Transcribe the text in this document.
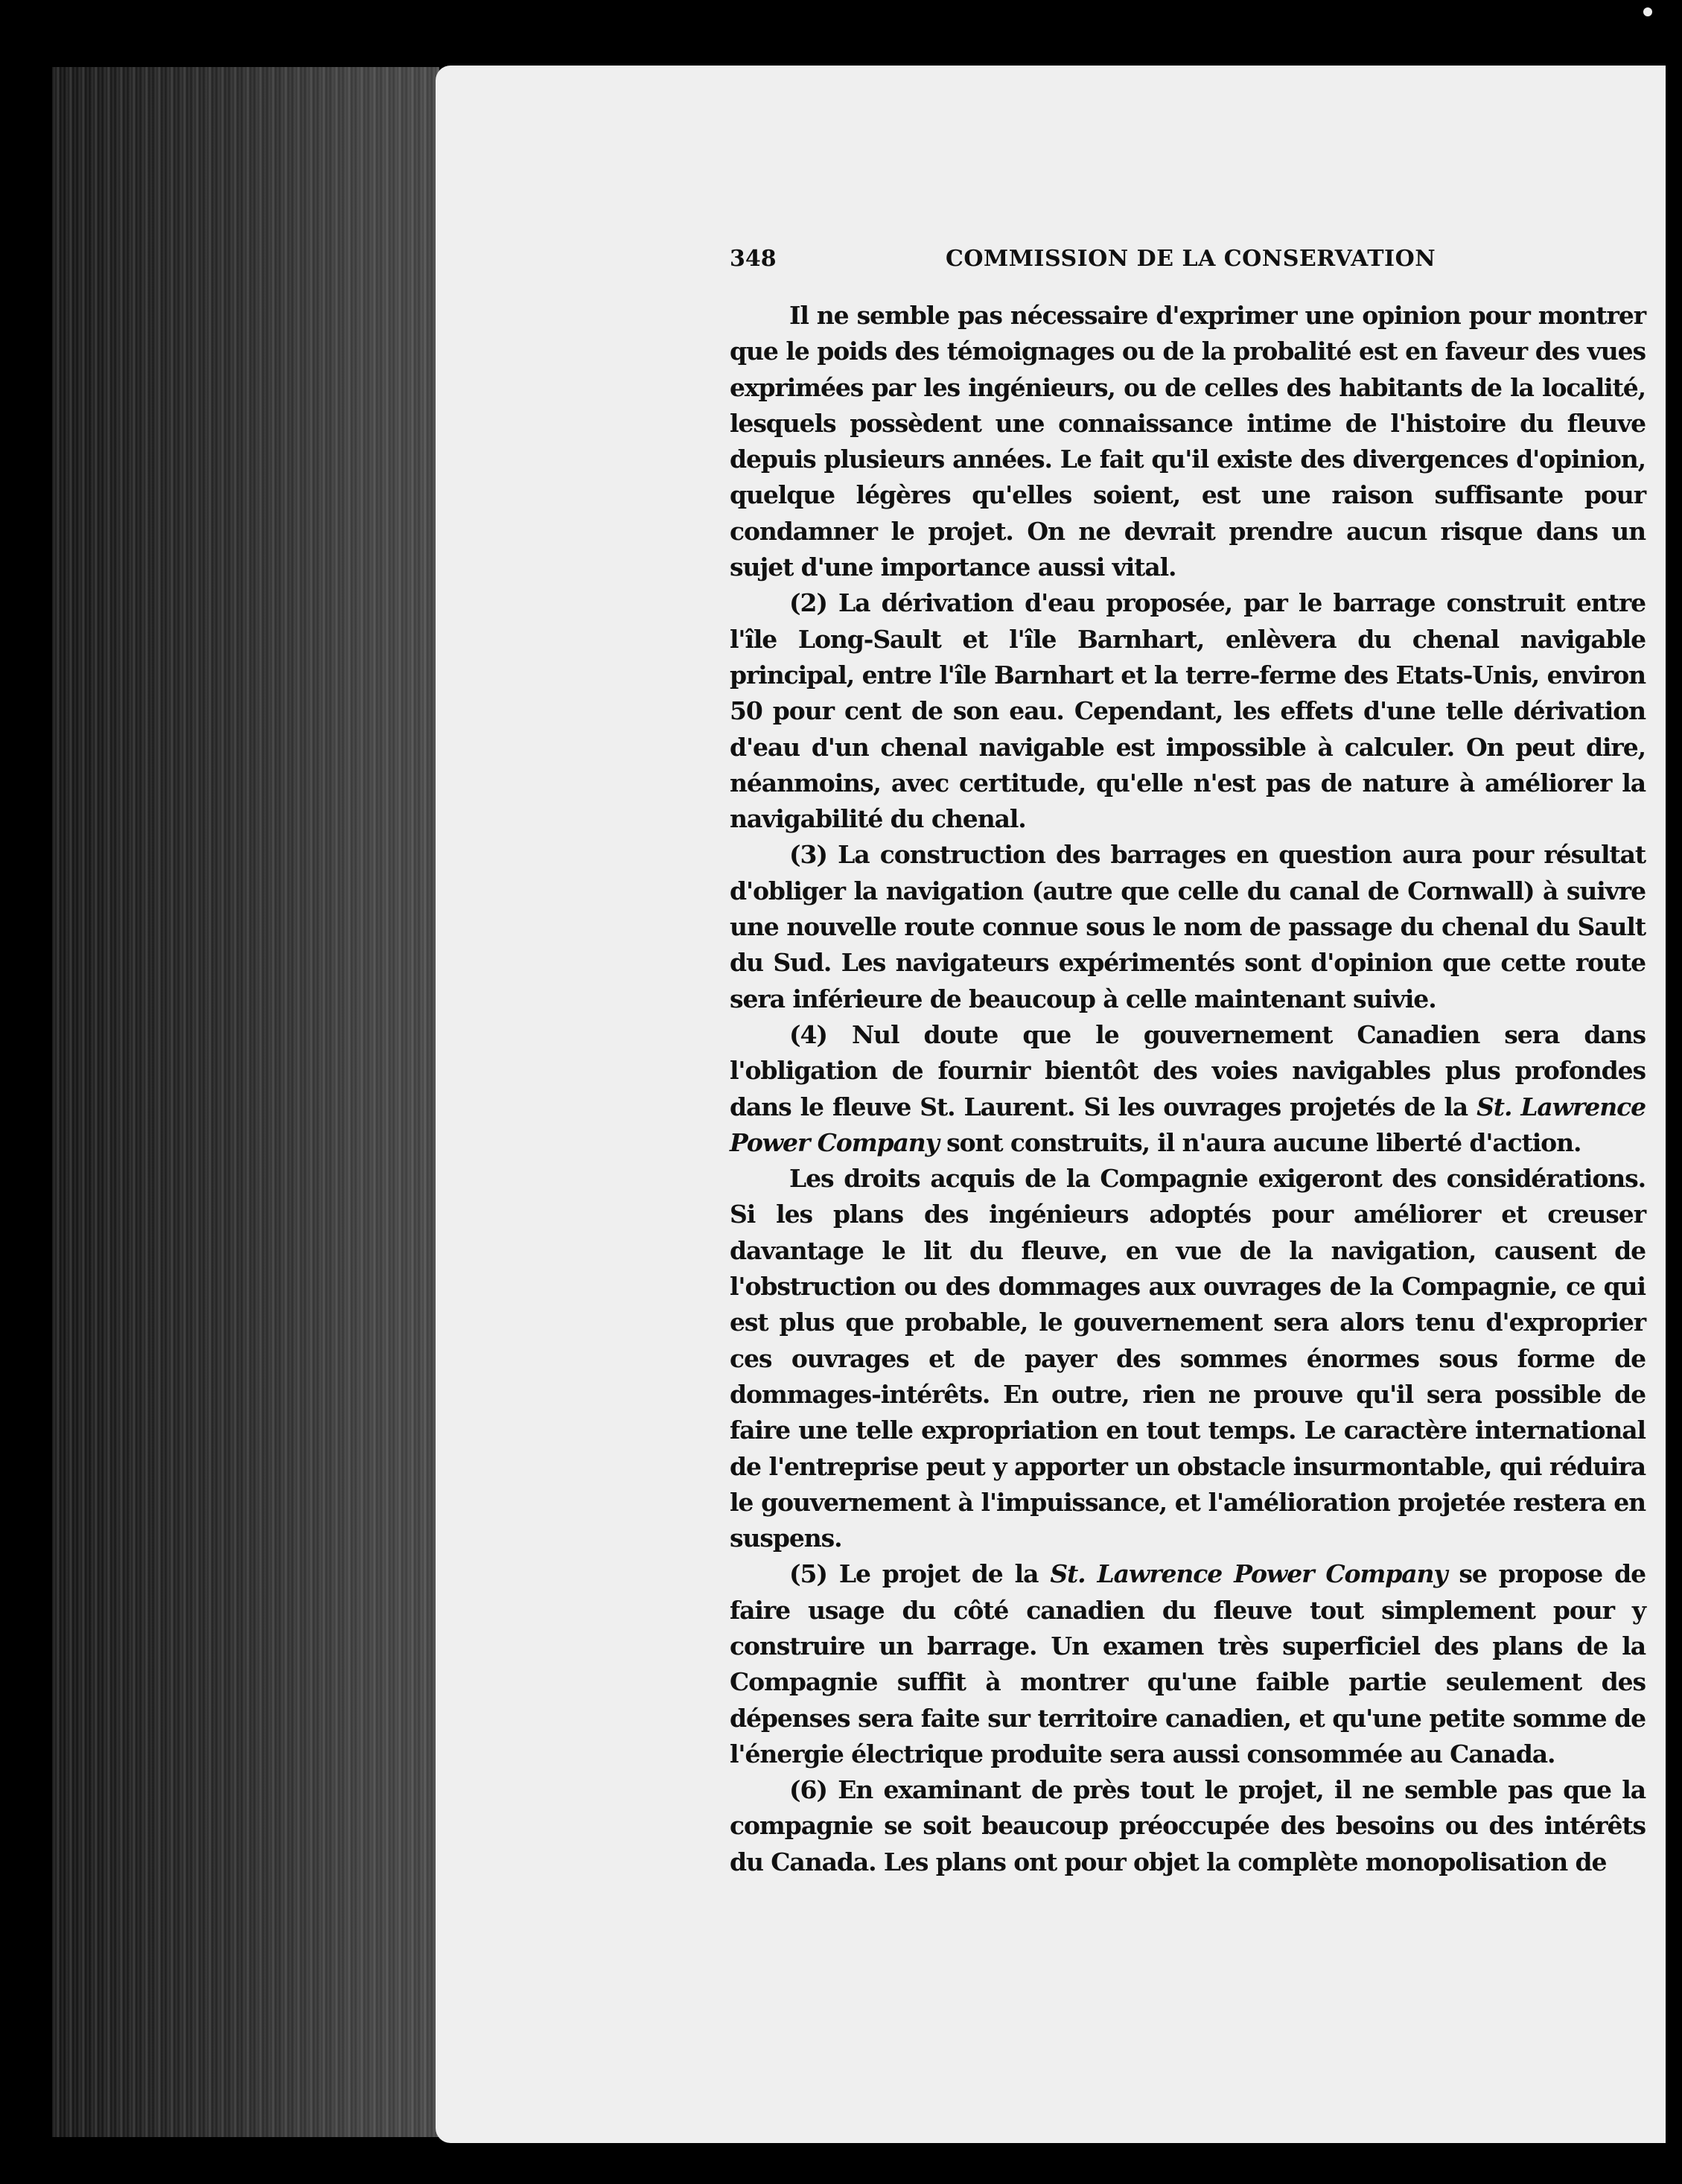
348	COMMISSION DE LA CONSERVATION

Il ne semble pas nécessaire d'exprimer une opinion pour montrer que le poids des témoignages ou de la probalité est en faveur des vues exprimées par les ingénieurs, ou de celles des habitants de la localité, lesquels possèdent une connaissance intime de l'histoire du fleuve depuis plusieurs années. Le fait qu'il existe des divergences d'opinion, quelque légères qu'elles soient, est une raison suffisante pour condamner le projet. On ne devrait prendre aucun risque dans un sujet d'une importance aussi vital.

(2) La dérivation d'eau proposée, par le barrage construit entre l'île Long-Sault et l'île Barnhart, enlèvera du chenal navigable principal, entre l'île Barnhart et la terre-ferme des Etats-Unis, environ 50 pour cent de son eau. Cependant, les effets d'une telle dérivation d'eau d'un chenal navigable est impossible à calculer. On peut dire, néanmoins, avec certitude, qu'elle n'est pas de nature à améliorer la navigabilité du chenal.

(3) La construction des barrages en question aura pour résultat d'obliger la navigation (autre que celle du canal de Cornwall) à suivre une nouvelle route connue sous le nom de passage du chenal du Sault du Sud. Les navigateurs expérimentés sont d'opinion que cette route sera inférieure de beaucoup à celle maintenant suivie.

(4) Nul doute que le gouvernement Canadien sera dans l'obligation de fournir bientôt des voies navigables plus profondes dans le fleuve St. Laurent. Si les ouvrages projetés de la St. Lawrence Power Company sont construits, il n'aura aucune liberté d'action.

Les droits acquis de la Compagnie exigeront des considérations. Si les plans des ingénieurs adoptés pour améliorer et creuser davantage le lit du fleuve, en vue de la navigation, causent de l'obstruction ou des dommages aux ouvrages de la Compagnie, ce qui est plus que probable, le gouvernement sera alors tenu d'exproprier ces ouvrages et de payer des sommes énormes sous forme de dommages-intérêts. En outre, rien ne prouve qu'il sera possible de faire une telle expropriation en tout temps. Le caractère international de l'entreprise peut y apporter un obstacle insurmontable, qui réduira le gouvernement à l'impuissance, et l'amélioration projetée restera en suspens.

(5) Le projet de la St. Lawrence Power Company se propose de faire usage du côté canadien du fleuve tout simplement pour y construire un barrage. Un examen très superficiel des plans de la Compagnie suffit à montrer qu'une faible partie seulement des dépenses sera faite sur territoire canadien, et qu'une petite somme de l'énergie électrique produite sera aussi consommée au Canada.

(6) En examinant de près tout le projet, il ne semble pas que la compagnie se soit beaucoup préoccupée des besoins ou des intérêts du Canada. Les plans ont pour objet la complète monopolisation de
